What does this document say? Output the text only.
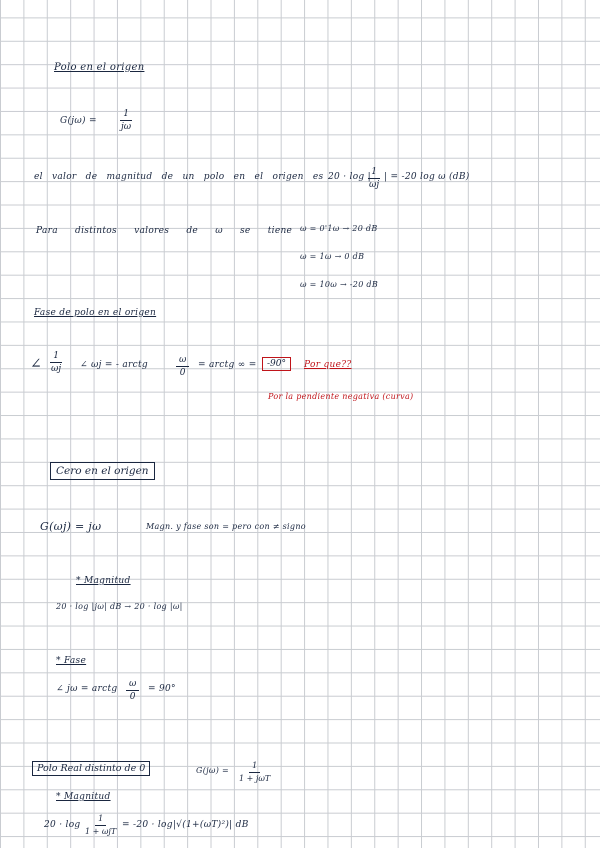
Polo en el origen
$G(j\omega) = \frac{1}{j\omega}$
el valor de magnitud de un polo en el origen es 20 · log |
$\frac{1}{\omega j}$ | = -20 log ω (dB)
Para distintos valores de ω se tiene ω = 0'1ω → 20 dB
ω = 1ω → 0 dB
ω = 10ω → -20 dB
Fase de polo en el origen
∠ $\frac{1}{\omega j}$ ∠ ωj = - arctg	$\frac{\omega}{0}$ = arctg ∞ =	-90°	Por que??
Por la pendiente negativa (curva)
Cero en el origen
G(ωj) = jω	Magn. y fase son = pero con ≠ signo
* Magnitud
20 · log |jω| dB → 20 · log |ω|
* Fase
∠ jω = arctg $\frac{\omega}{0} = 90^\circ$
Polo Real distinto de 0	G(jω) =
1
1 + jωT
* Magnitud
20 · log
1
1 + ωjT
= -20 · log|√(1+(ωT)²)| dB
